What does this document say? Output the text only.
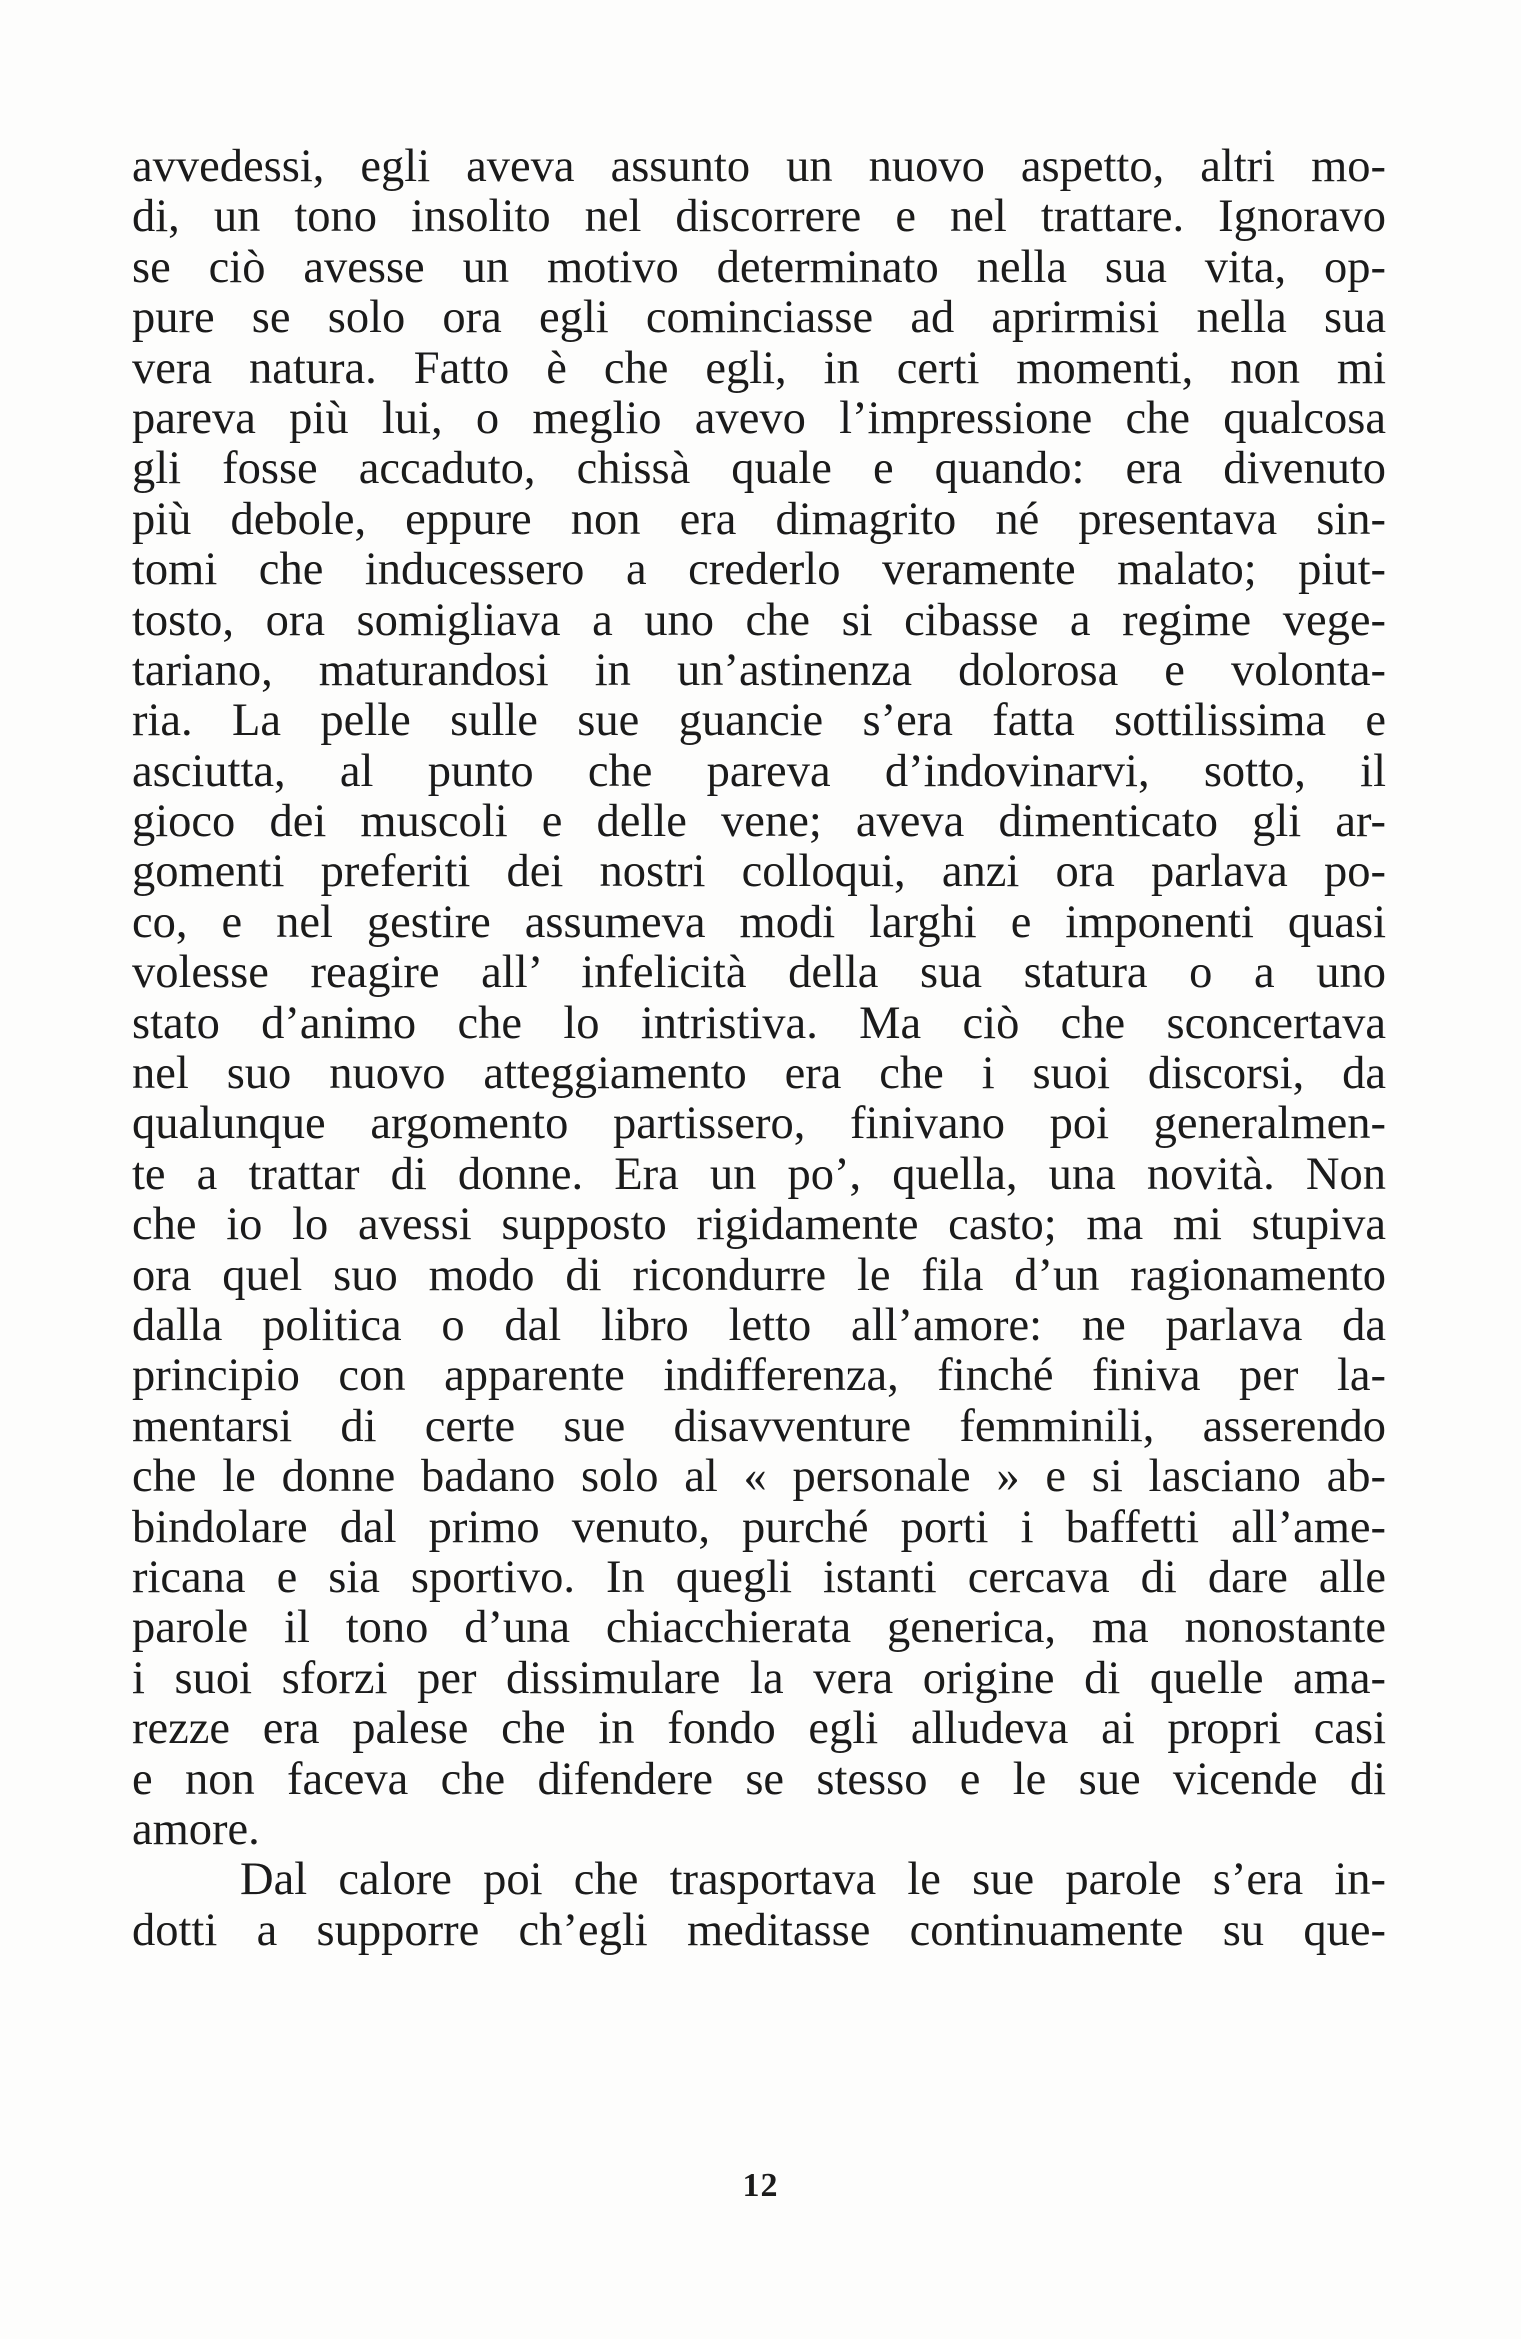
avvedessi, egli aveva assunto un nuovo aspetto, altri mo-
di, un tono insolito nel discorrere e nel trattare. Ignoravo
se ciò avesse un motivo determinato nella sua vita, op-
pure se solo ora egli cominciasse ad aprirmisi nella sua
vera natura. Fatto è che egli, in certi momenti, non mi
pareva più lui, o meglio avevo l’impressione che qualcosa
gli fosse accaduto, chissà quale e quando: era divenuto
più debole, eppure non era dimagrito né presentava sin-
tomi che inducessero a crederlo veramente malato; piut-
tosto, ora somigliava a uno che si cibasse a regime vege-
tariano, maturandosi in un’astinenza dolorosa e volonta-
ria. La pelle sulle sue guancie s’era fatta sottilissima e
asciutta, al punto che pareva d’indovinarvi, sotto, il
gioco dei muscoli e delle vene; aveva dimenticato gli ar-
gomenti preferiti dei nostri colloqui, anzi ora parlava po-
co, e nel gestire assumeva modi larghi e imponenti quasi
volesse reagire all’ infelicità della sua statura o a uno
stato d’animo che lo intristiva. Ma ciò che sconcertava
nel suo nuovo atteggiamento era che i suoi discorsi, da
qualunque argomento partissero, finivano poi generalmen-
te a trattar di donne. Era un po’, quella, una novità. Non
che io lo avessi supposto rigidamente casto; ma mi stupiva
ora quel suo modo di ricondurre le fila d’un ragionamento
dalla politica o dal libro letto all’amore: ne parlava da
principio con apparente indifferenza, finché finiva per la-
mentarsi di certe sue disavventure femminili, asserendo
che le donne badano solo al « personale » e si lasciano ab-
bindolare dal primo venuto, purché porti i baffetti all’ame-
ricana e sia sportivo. In quegli istanti cercava di dare alle
parole il tono d’una chiacchierata generica, ma nonostante
i suoi sforzi per dissimulare la vera origine di quelle ama-
rezze era palese che in fondo egli alludeva ai propri casi
e non faceva che difendere se stesso e le sue vicende di
amore.
Dal calore poi che trasportava le sue parole s’era in-
dotti a supporre ch’egli meditasse continuamente su que-
12
